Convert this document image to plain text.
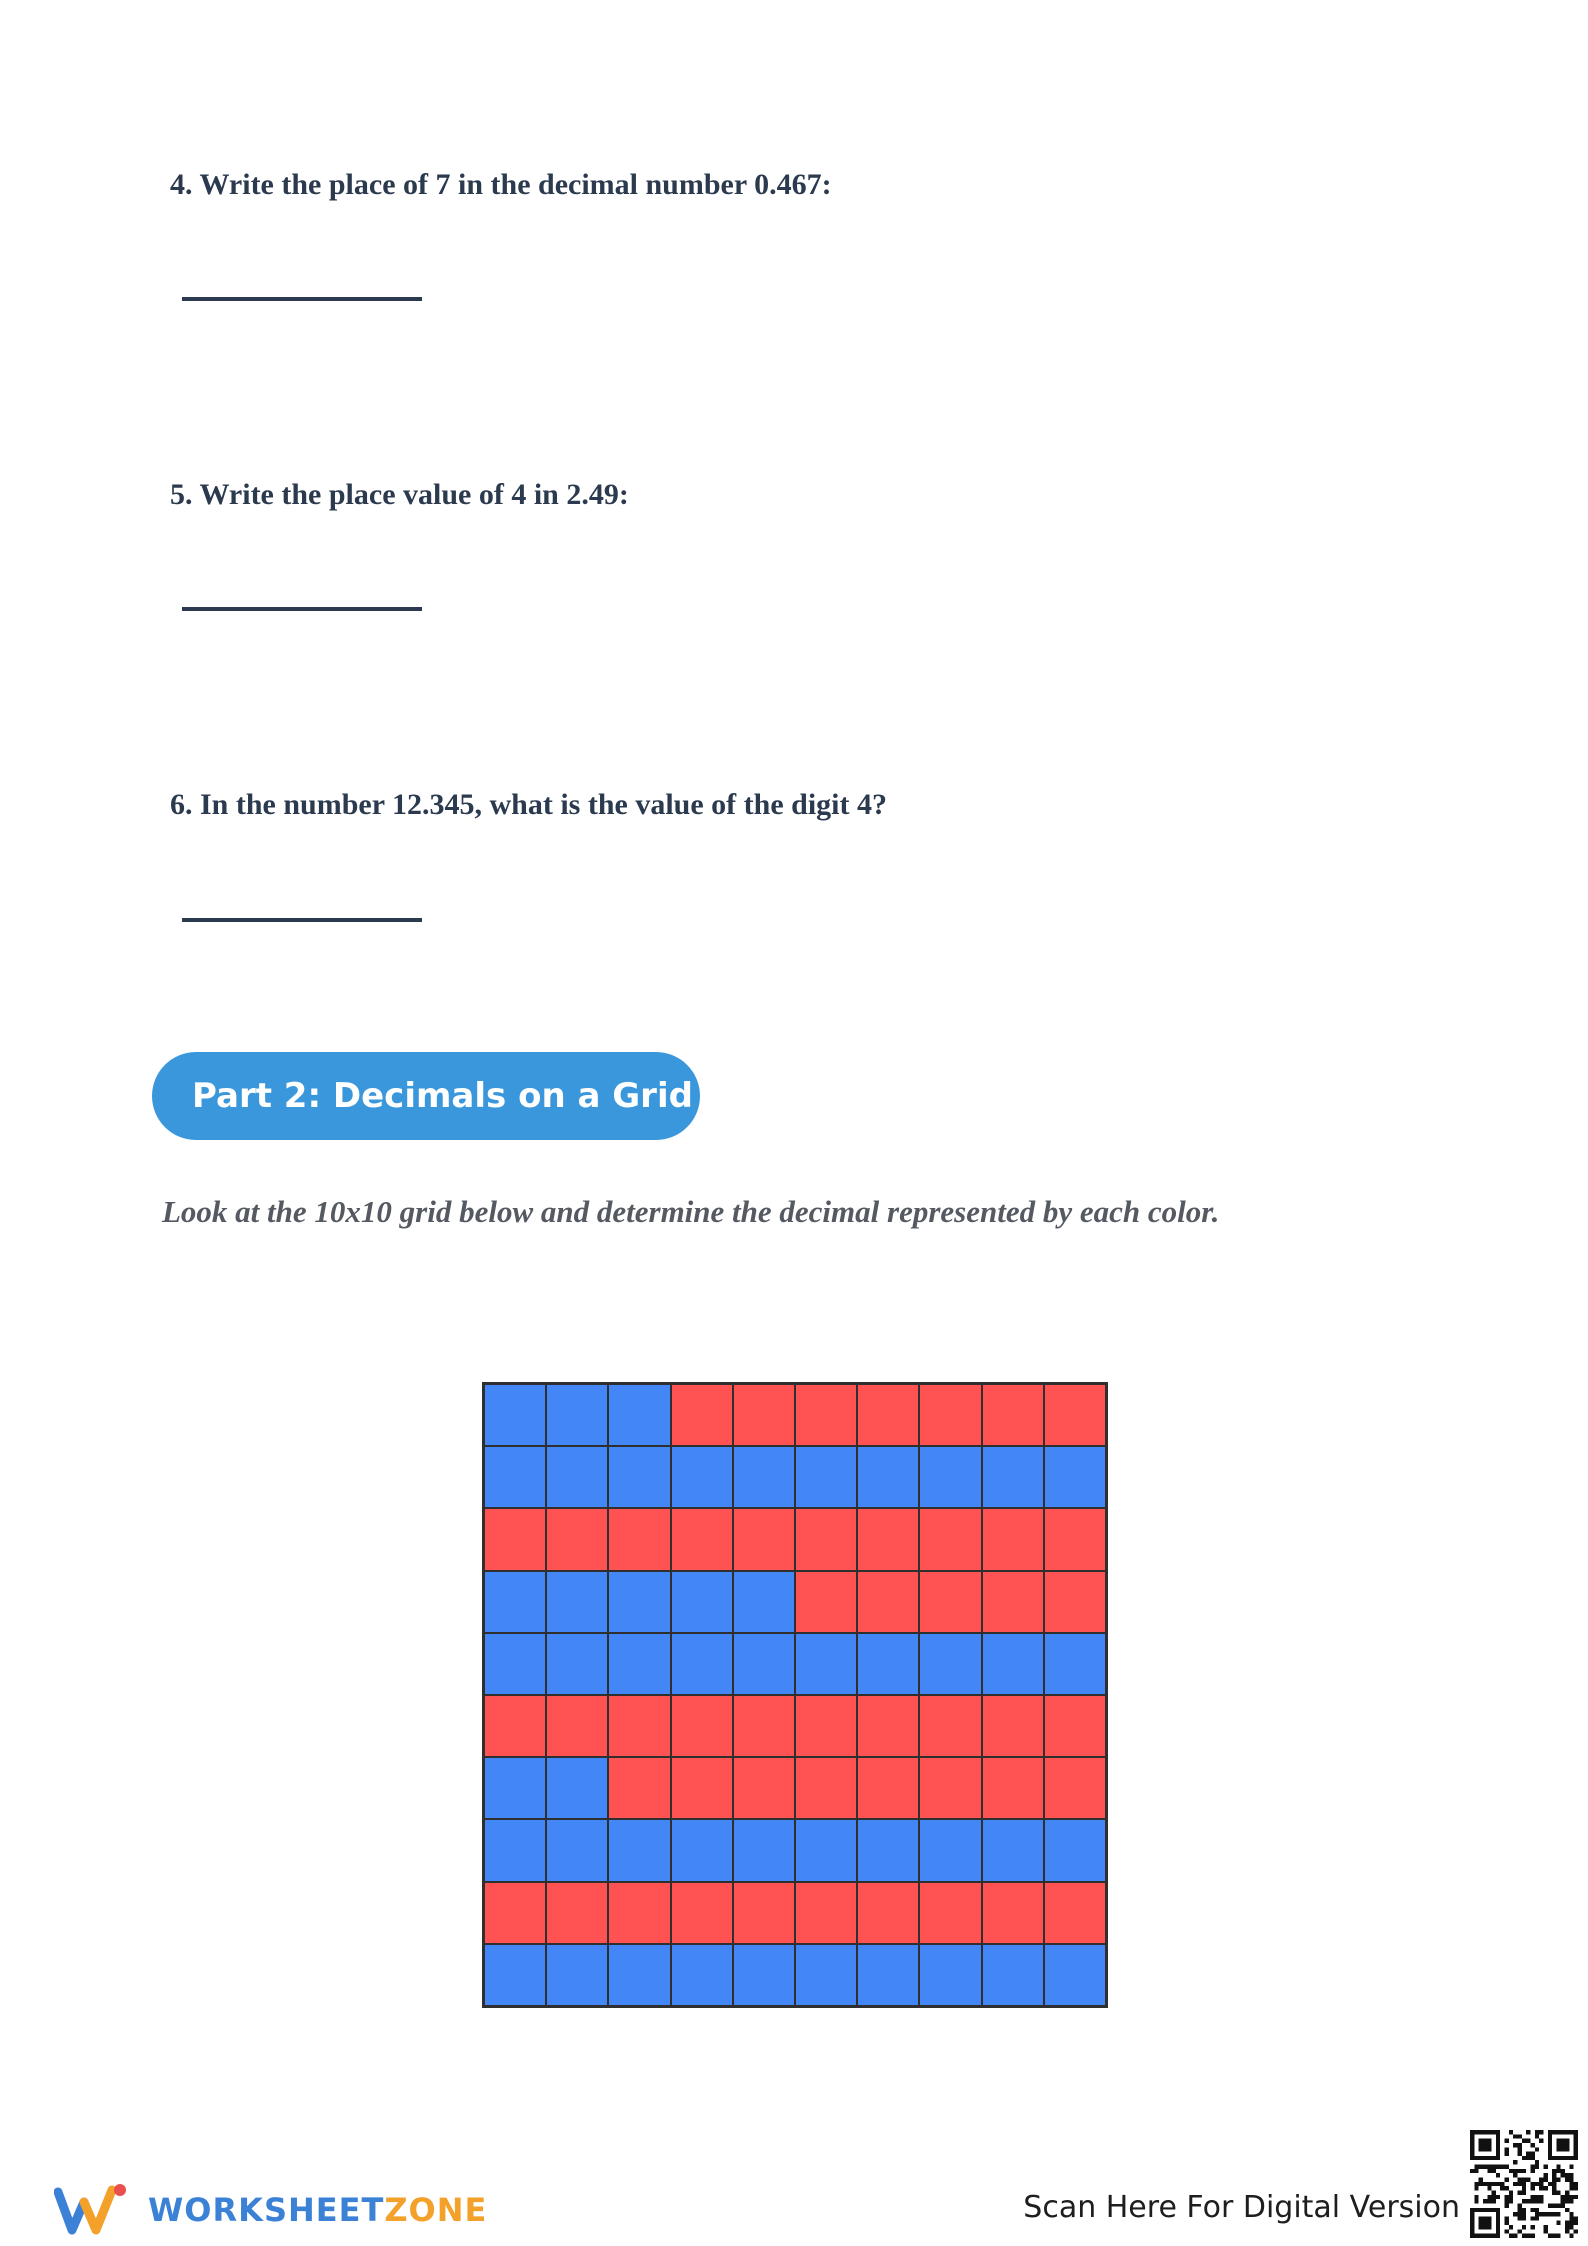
4. Write the place of 7 in the decimal number 0.467:

5. Write the place value of 4 in 2.49:

6. In the number 12.345, what is the value of the digit 4?

Part 2: Decimals on a Grid

Look at the 10x10 grid below and determine the decimal represented by each color.

WORKSHEETZONE	Scan Here For Digital Version
